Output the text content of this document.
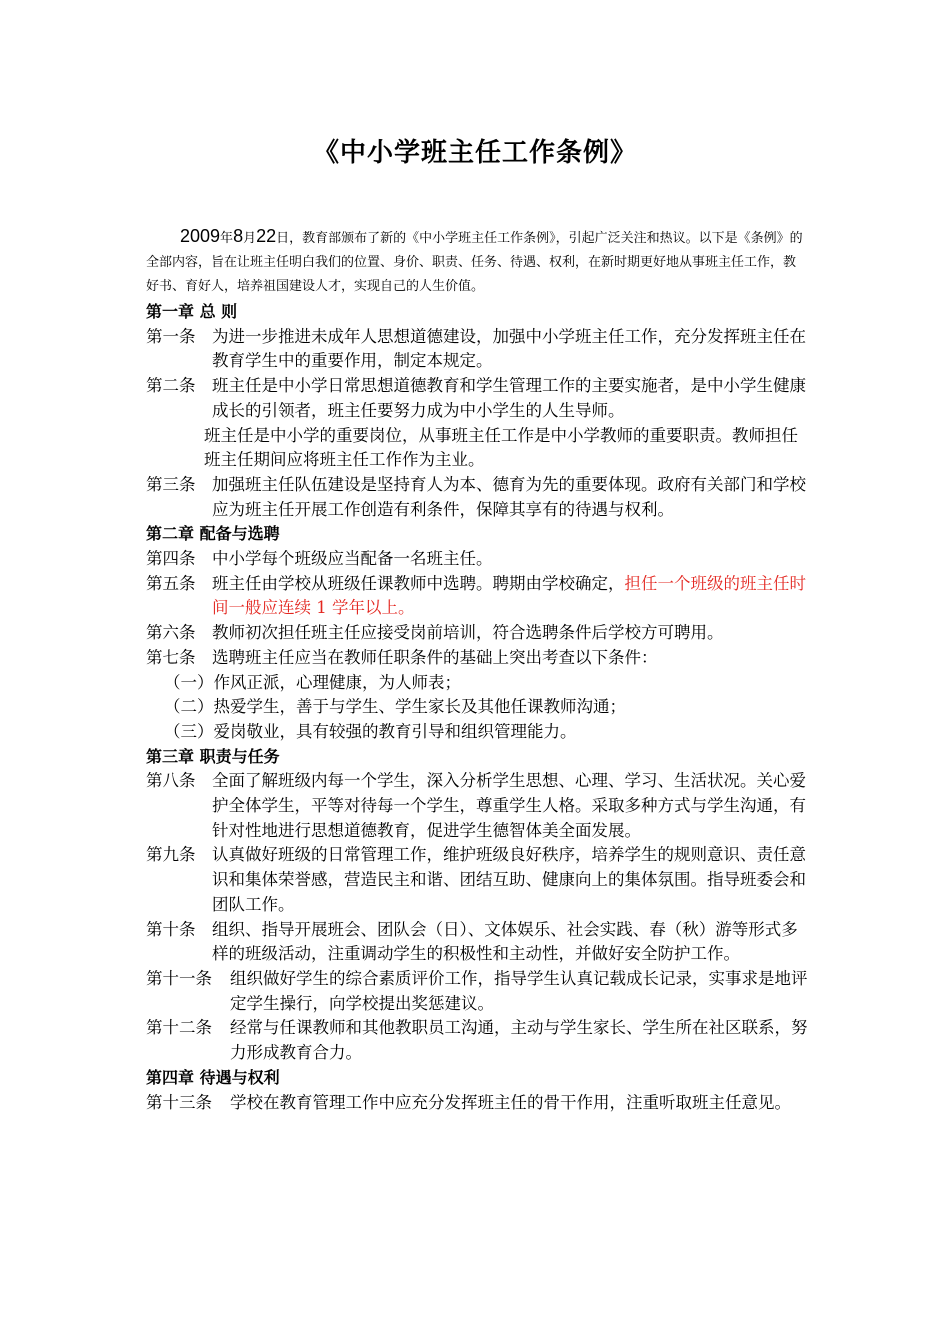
《中小学班主任工作条例》

2009年8月22日，教育部颁布了新的《中小学班主任工作条例》，引起广泛关注和热议。以下是《条例》的全部内容，旨在让班主任明白我们的位置、身价、职责、任务、待遇、权利，在新时期更好地从事班主任工作，教好书、育好人，培养祖国建设人才，实现自己的人生价值。

第一章 总 则

第一条 为进一步推进未成年人思想道德建设，加强中小学班主任工作，充分发挥班主任在教育学生中的重要作用，制定本规定。
第二条 班主任是中小学日常思想道德教育和学生管理工作的主要实施者，是中小学生健康成长的引领者，班主任要努力成为中小学生的人生导师。

班主任是中小学的重要岗位，从事班主任工作是中小学教师的重要职责。教师担任班主任期间应将班主任工作作为主业。

第三条 加强班主任队伍建设是坚持育人为本、德育为先的重要体现。政府有关部门和学校应为班主任开展工作创造有利条件，保障其享有的待遇与权利。

第二章 配备与选聘

第四条 中小学每个班级应当配备一名班主任。
第五条 班主任由学校从班级任课教师中选聘。聘期由学校确定，担任一个班级的班主任时间一般应连续 1 学年以上。
第六条 教师初次担任班主任应接受岗前培训，符合选聘条件后学校方可聘用。
第七条 选聘班主任应当在教师任职条件的基础上突出考查以下条件：

（一）作风正派，心理健康，为人师表；

（二）热爱学生，善于与学生、学生家长及其他任课教师沟通；

（三）爱岗敬业，具有较强的教育引导和组织管理能力。

第三章 职责与任务

第八条 全面了解班级内每一个学生，深入分析学生思想、心理、学习、生活状况。关心爱护全体学生，平等对待每一个学生，尊重学生人格。采取多种方式与学生沟通，有针对性地进行思想道德教育，促进学生德智体美全面发展。
第九条 认真做好班级的日常管理工作，维护班级良好秩序，培养学生的规则意识、责任意识和集体荣誉感，营造民主和谐、团结互助、健康向上的集体氛围。指导班委会和团队工作。
第十条 组织、指导开展班会、团队会（日）、文体娱乐、社会实践、春（秋）游等形式多样的班级活动，注重调动学生的积极性和主动性，并做好安全防护工作。
第十一条 组织做好学生的综合素质评价工作，指导学生认真记载成长记录，实事求是地评定学生操行，向学校提出奖惩建议。
第十二条 经常与任课教师和其他教职员工沟通，主动与学生家长、学生所在社区联系，努力形成教育合力。

第四章 待遇与权利

第十三条 学校在教育管理工作中应充分发挥班主任的骨干作用，注重听取班主任意见。
